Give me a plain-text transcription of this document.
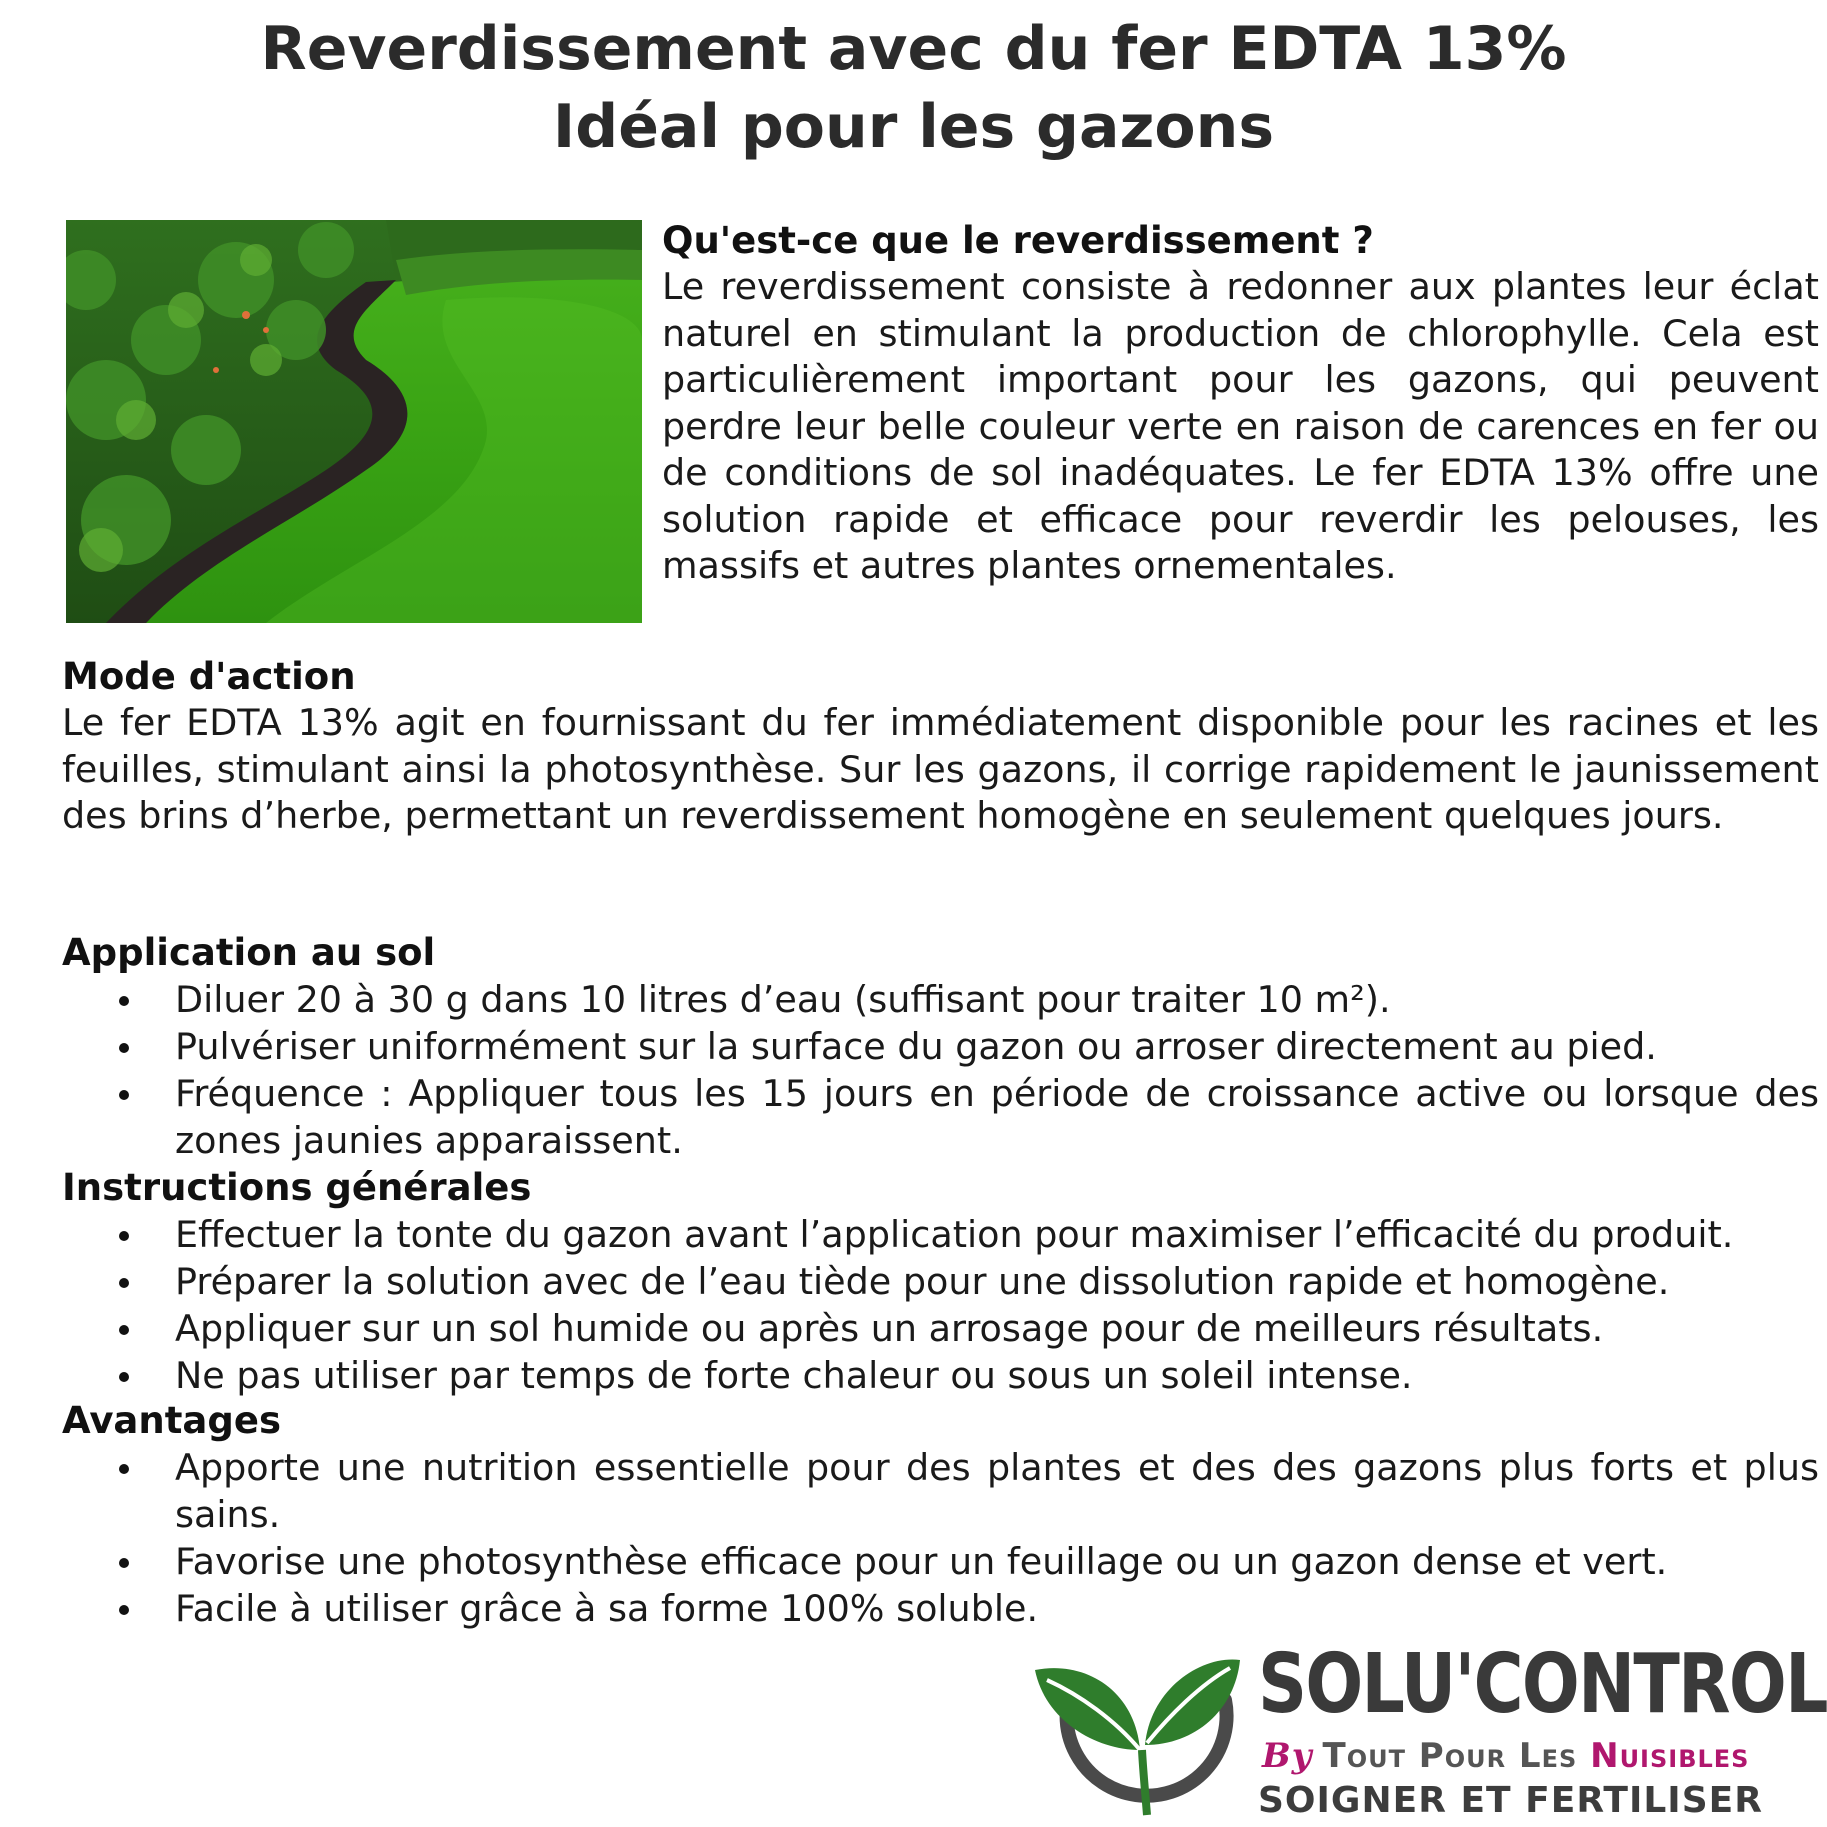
Reverdissement avec du fer EDTA 13%
Idéal pour les gazons
Qu'est-ce que le reverdissement ?

Le reverdissement consiste à redonner aux plantes leur éclat naturel en stimulant la production de chlorophylle. Cela est particulièrement important pour les gazons, qui peuvent perdre leur belle couleur verte en raison de carences en fer ou de conditions de sol inadéquates. Le fer EDTA 13% offre une solution rapide et efficace pour reverdir les pelouses, les massifs et autres plantes ornementales.

Mode d'action

Le fer EDTA 13% agit en fournissant du fer immédiatement disponible pour les racines et les feuilles, stimulant ainsi la photosynthèse. Sur les gazons, il corrige rapidement le jaunissement des brins d’herbe, permettant un reverdissement homogène en seulement quelques jours.

Application au sol
Diluer 20 à 30 g dans 10 litres d’eau (suffisant pour traiter 10 m²).
Pulvériser uniformément sur la surface du gazon ou arroser directement au pied.
Fréquence : Appliquer tous les 15 jours en période de croissance active ou lorsque des zones jaunies apparaissent.
Instructions générales
Effectuer la tonte du gazon avant l’application pour maximiser l’efficacité du produit.
Préparer la solution avec de l’eau tiède pour une dissolution rapide et homogène.
Appliquer sur un sol humide ou après un arrosage pour de meilleurs résultats.
Ne pas utiliser par temps de forte chaleur ou sous un soleil intense.
Avantages
Apporte une nutrition essentielle pour des plantes et des des gazons plus forts et plus sains.
Favorise une photosynthèse efficace pour un feuillage ou un gazon dense et vert.
Facile à utiliser grâce à sa forme 100% soluble.
SOLU'CONTROL
By Tout Pour Les Nuisibles
SOIGNER ET FERTILISER
